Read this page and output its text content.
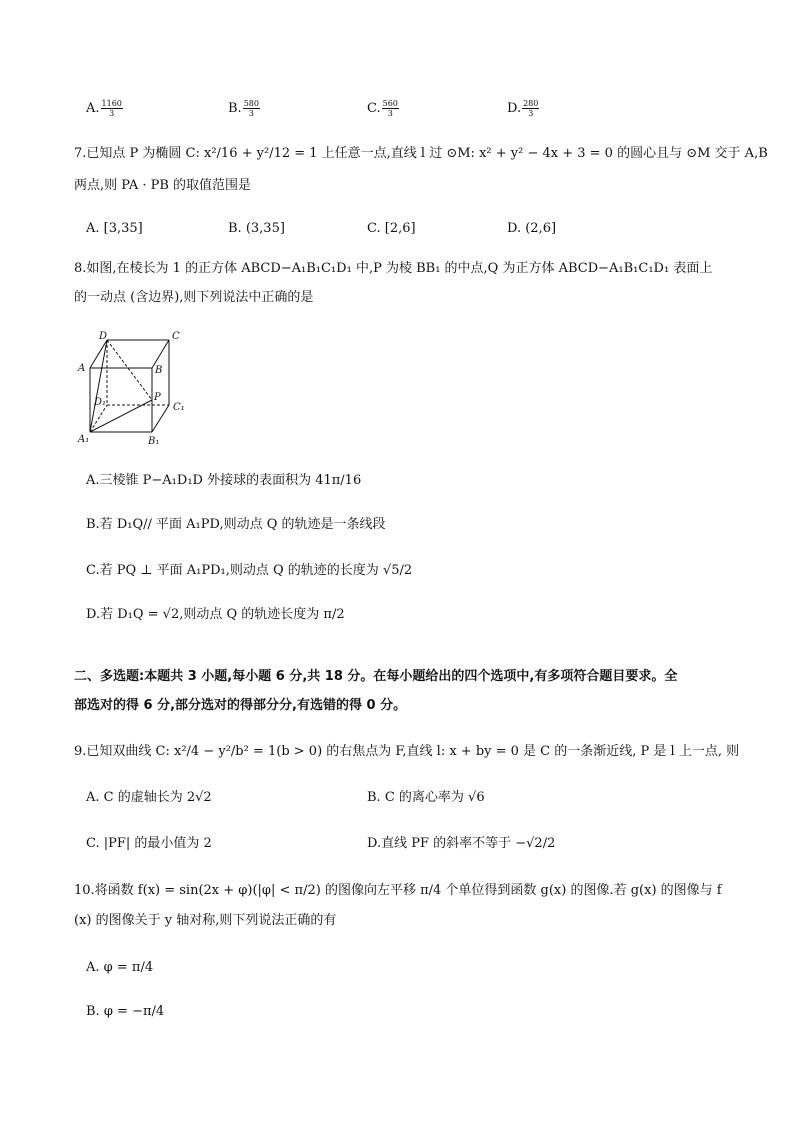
A. $\frac{1160}{3}$	B. $\frac{580}{3}$	C. $\frac{560}{3}$	D. $\frac{280}{3}$
7.已知点 P 为椭圆 C: x²/16 + y²/12 = 1 上任意一点,直线 l 过 ⊙M: x² + y² − 4x + 3 = 0 的圆心且与 ⊙M 交于 A,B
两点,则 PA · PB 的取值范围是
A. [3,35]	B. (3,35]	C. [2,6]	D. (2,6]
8.如图,在棱长为 1 的正方体 ABCD−A₁B₁C₁D₁ 中,P 为棱 BB₁ 的中点,Q 为正方体 ABCD−A₁B₁C₁D₁ 表面上
的一动点 (含边界),则下列说法中正确的是
D	C
A	B
D₁	P
C₁
A₁	B₁
A.三棱锥 P−A₁D₁D 外接球的表面积为 41π/16
B.若 D₁Q// 平面 A₁PD,则动点 Q 的轨迹是一条线段
C.若 PQ ⊥ 平面 A₁PD₁,则动点 Q 的轨迹的长度为 √5/2
D.若 D₁Q = √2,则动点 Q 的轨迹长度为 π/2
二、多选题:本题共 3 小题,每小题 6 分,共 18 分。在每小题给出的四个选项中,有多项符合题目要求。全
部选对的得 6 分,部分选对的得部分分,有选错的得 0 分。
9.已知双曲线 C: x²/4 − y²/b² = 1(b > 0) 的右焦点为 F,直线 l: x + by = 0 是 C 的一条渐近线, P 是 l 上一点, 则
A. C 的虚轴长为 2√2	B. C 的离心率为 √6
C. |PF| 的最小值为 2	D.直线 PF 的斜率不等于 −√2/2
10.将函数 f(x) = sin(2x + φ)(|φ| < π/2) 的图像向左平移 π/4 个单位得到函数 g(x) 的图像.若 g(x) 的图像与 f
(x) 的图像关于 y 轴对称,则下列说法正确的有
A. φ = π/4
B. φ = −π/4
